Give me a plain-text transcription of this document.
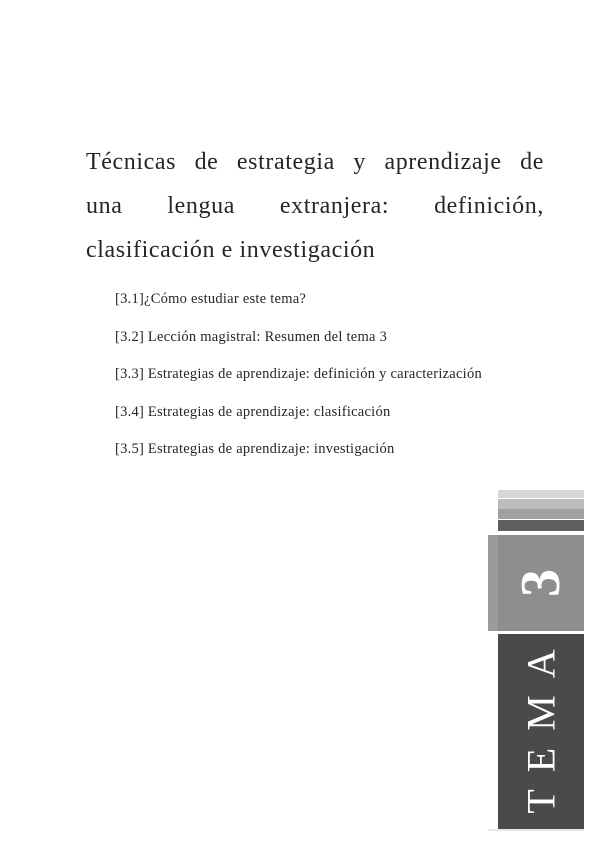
Técnicas de estrategia y aprendizaje de
una lengua extranjera: definición,
clasificación e investigación
[3.1]¿Cómo estudiar este tema?
[3.2] Lección magistral: Resumen del tema 3
[3.3] Estrategias de aprendizaje: definición y caracterización
[3.4] Estrategias de aprendizaje: clasificación
[3.5] Estrategias de aprendizaje: investigación
3
TEMA
